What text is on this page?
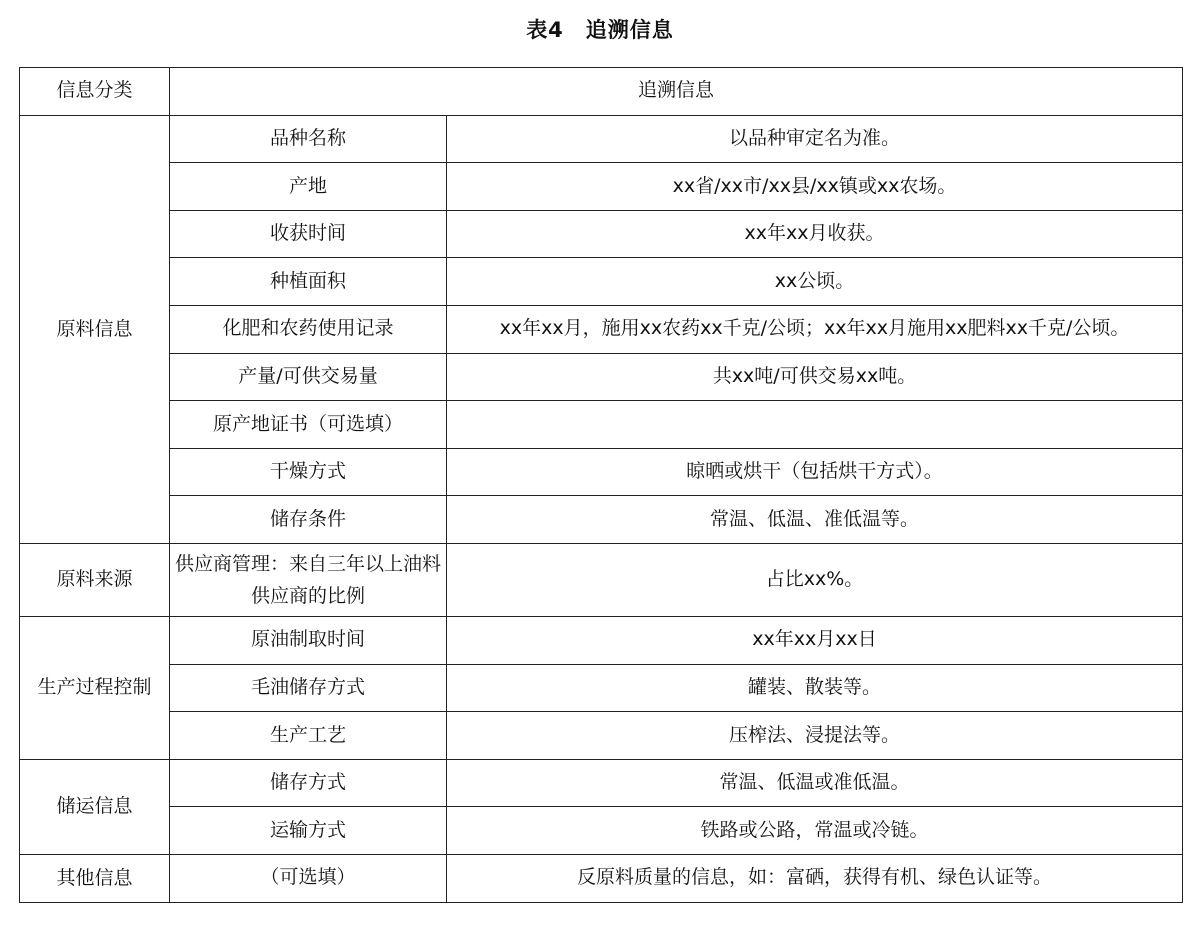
表4　追溯信息
信息分类	追溯信息	
原料信息	品种名称	以品种审定名为准。
	产地	xx省/xx市/xx县/xx镇或xx农场。
	收获时间	xx年xx月收获。
	种植面积	xx公顷。
	化肥和农药使用记录	xx年xx月，施用xx农药xx千克/公顷；xx年xx月施用xx肥料xx千克/公顷。
	产量/可供交易量	共xx吨/可供交易xx吨。
	原产地证书（可选填）	
	干燥方式	晾晒或烘干（包括烘干方式）。
	储存条件	常温、低温、准低温等。
原料来源	供应商管理：来自三年以上油料供应商的比例	占比xx%。
生产过程控制	原油制取时间	xx年xx月xx日
	毛油储存方式	罐装、散装等。
	生产工艺	压榨法、浸提法等。
储运信息	储存方式	常温、低温或准低温。
	运输方式	铁路或公路，常温或冷链。
其他信息	（可选填）	反原料质量的信息，如：富硒，获得有机、绿色认证等。
